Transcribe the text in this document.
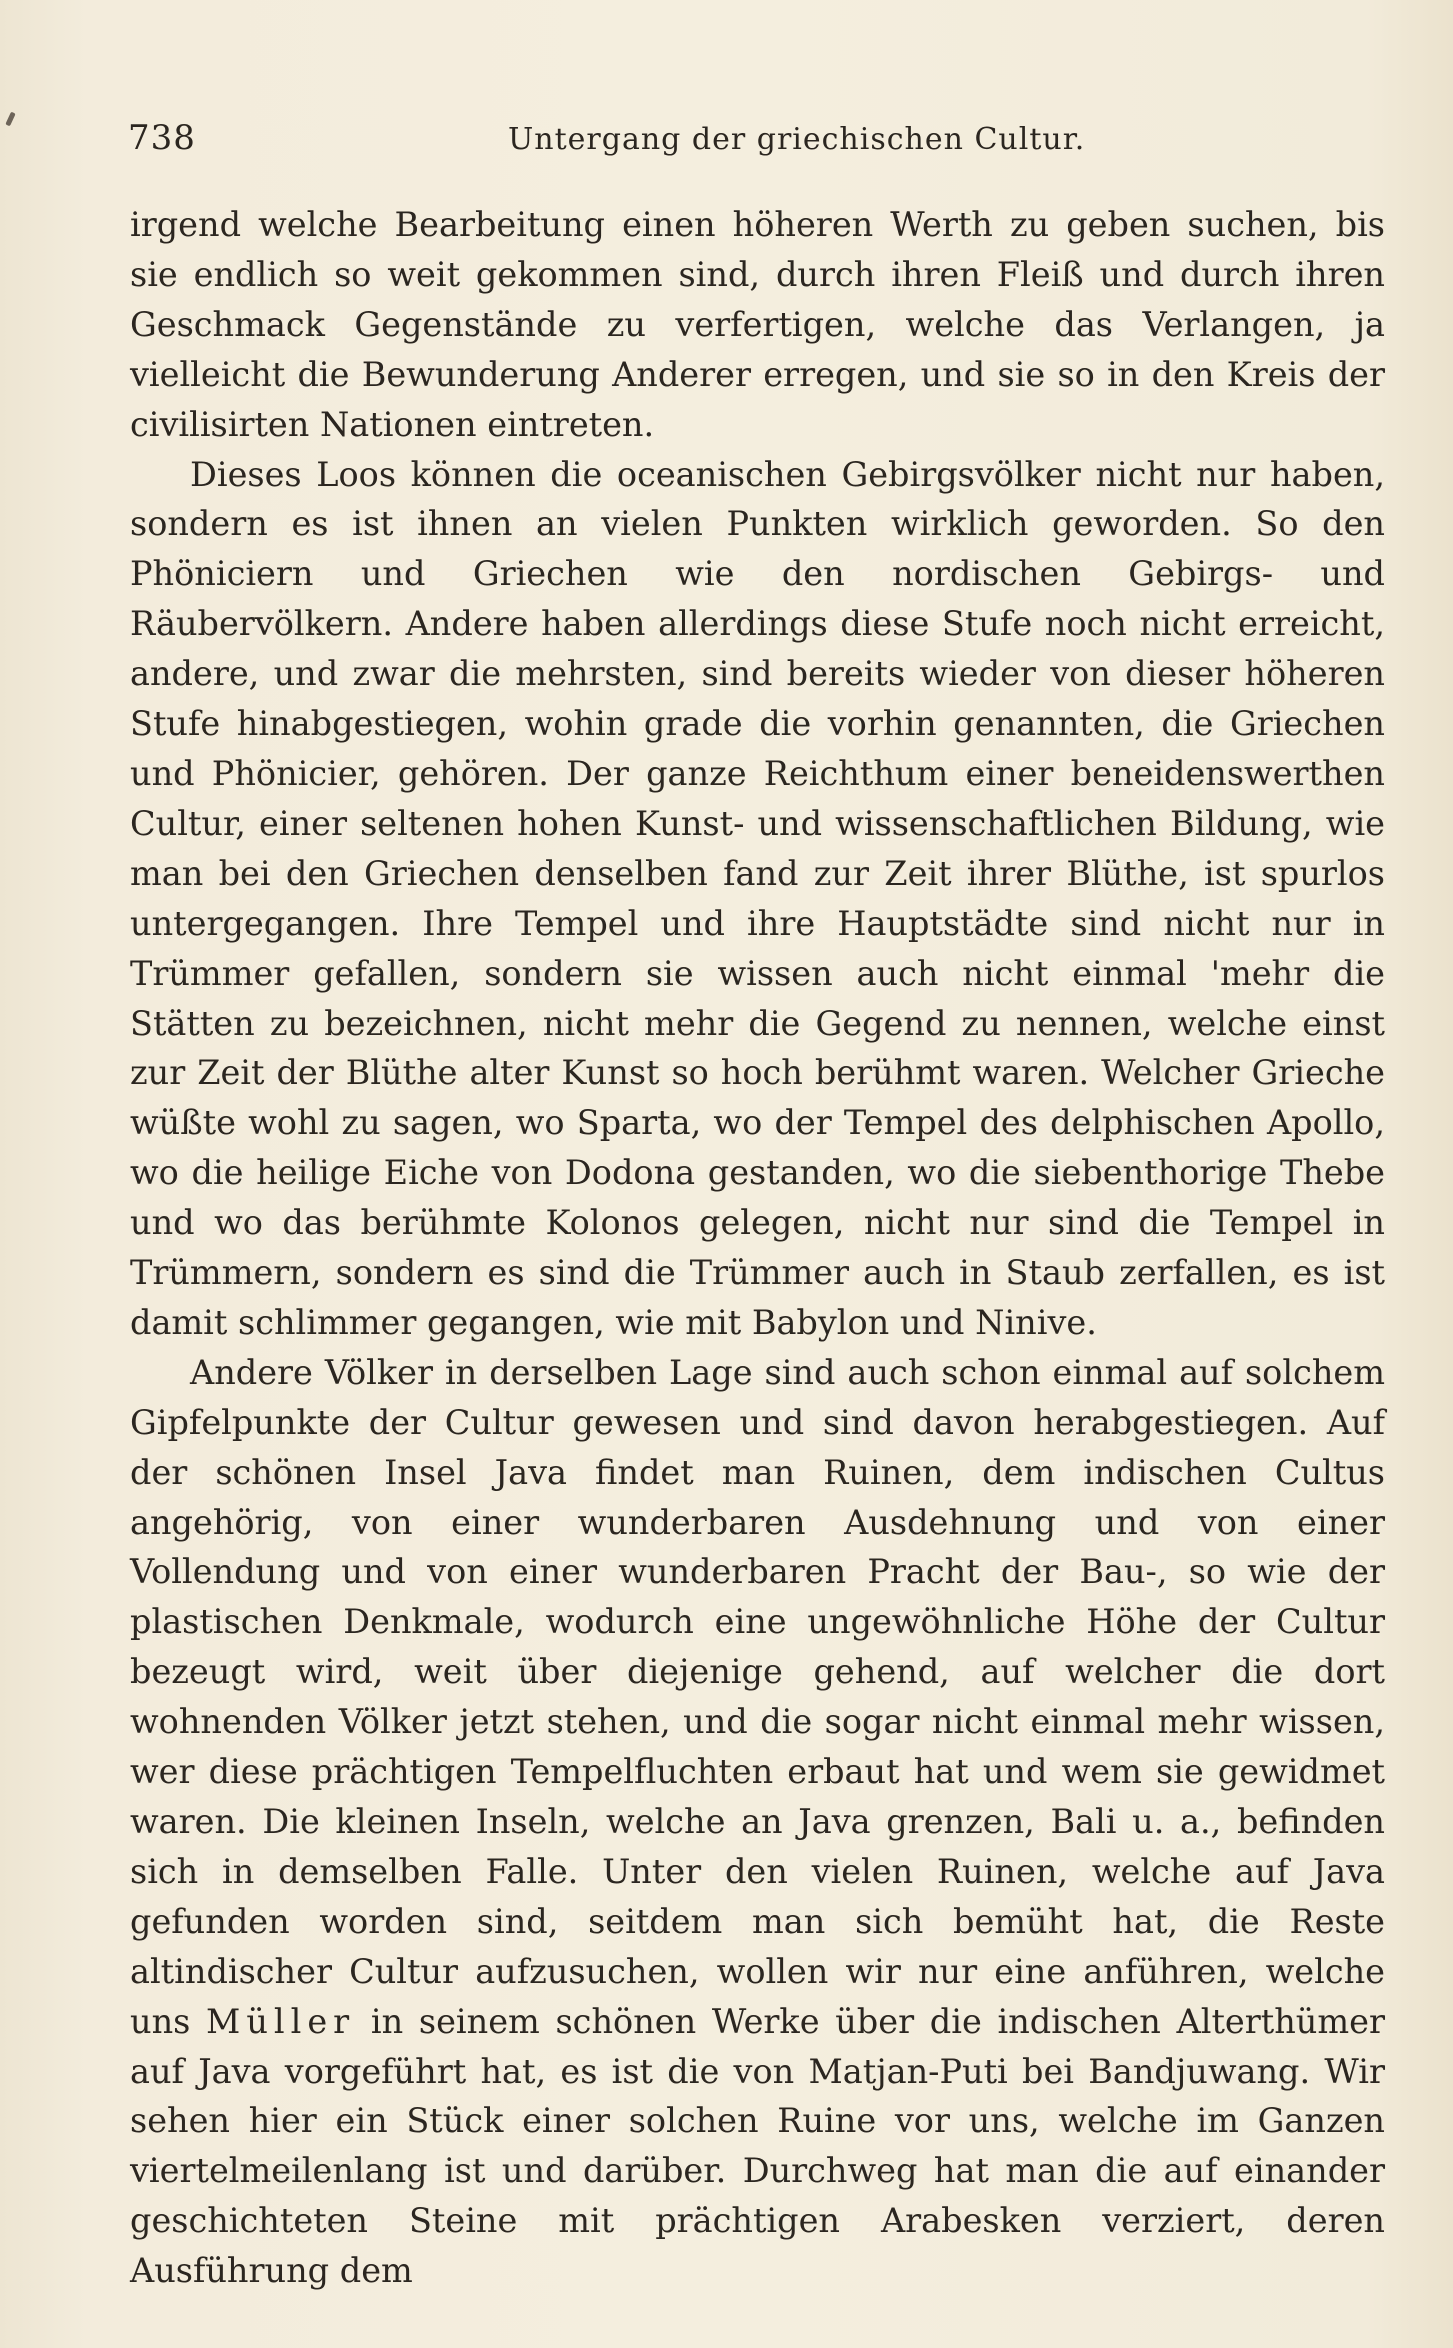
738	Untergang der griechischen Cultur.

irgend welche Bearbeitung einen höheren Werth zu geben suchen, bis sie endlich so weit gekommen sind, durch ihren Fleiß und durch ihren Geschmack Gegenstände zu verfertigen, welche das Verlangen, ja vielleicht die Bewunderung Anderer erregen, und sie so in den Kreis der civilisirten Nationen eintreten.

Dieses Loos können die oceanischen Gebirgsvölker nicht nur haben, sondern es ist ihnen an vielen Punkten wirklich geworden. So den Phöniciern und Griechen wie den nordischen Gebirgs- und Räubervölkern. Andere haben allerdings diese Stufe noch nicht erreicht, andere, und zwar die mehrsten, sind bereits wieder von dieser höheren Stufe hinabgestiegen, wohin grade die vorhin genannten, die Griechen und Phönicier, gehören. Der ganze Reichthum einer beneidenswerthen Cultur, einer seltenen hohen Kunst- und wissenschaftlichen Bildung, wie man bei den Griechen denselben fand zur Zeit ihrer Blüthe, ist spurlos untergegangen. Ihre Tempel und ihre Hauptstädte sind nicht nur in Trümmer gefallen, sondern sie wissen auch nicht einmal 'mehr die Stätten zu bezeichnen, nicht mehr die Gegend zu nennen, welche einst zur Zeit der Blüthe alter Kunst so hoch berühmt waren. Welcher Grieche wüßte wohl zu sagen, wo Sparta, wo der Tempel des delphischen Apollo, wo die heilige Eiche von Dodona gestanden, wo die siebenthorige Thebe und wo das berühmte Kolonos gelegen, nicht nur sind die Tempel in Trümmern, sondern es sind die Trümmer auch in Staub zerfallen, es ist damit schlimmer gegangen, wie mit Babylon und Ninive.

Andere Völker in derselben Lage sind auch schon einmal auf solchem Gipfelpunkte der Cultur gewesen und sind davon herabgestiegen. Auf der schönen Insel Java findet man Ruinen, dem indischen Cultus angehörig, von einer wunderbaren Ausdehnung und von einer Vollendung und von einer wunderbaren Pracht der Bau-, so wie der plastischen Denkmale, wodurch eine ungewöhnliche Höhe der Cultur bezeugt wird, weit über diejenige gehend, auf welcher die dort wohnenden Völker jetzt stehen, und die sogar nicht einmal mehr wissen, wer diese prächtigen Tempelfluchten erbaut hat und wem sie gewidmet waren. Die kleinen Inseln, welche an Java grenzen, Bali u. a., befinden sich in demselben Falle. Unter den vielen Ruinen, welche auf Java gefunden worden sind, seitdem man sich bemüht hat, die Reste altindischer Cultur aufzusuchen, wollen wir nur eine anführen, welche uns Müller in seinem schönen Werke über die indischen Alterthümer auf Java vorgeführt hat, es ist die von Matjan-Puti bei Bandjuwang. Wir sehen hier ein Stück einer solchen Ruine vor uns, welche im Ganzen viertelmeilenlang ist und darüber. Durchweg hat man die auf einander geschichteten Steine mit prächtigen Arabesken verziert, deren Ausführung dem
